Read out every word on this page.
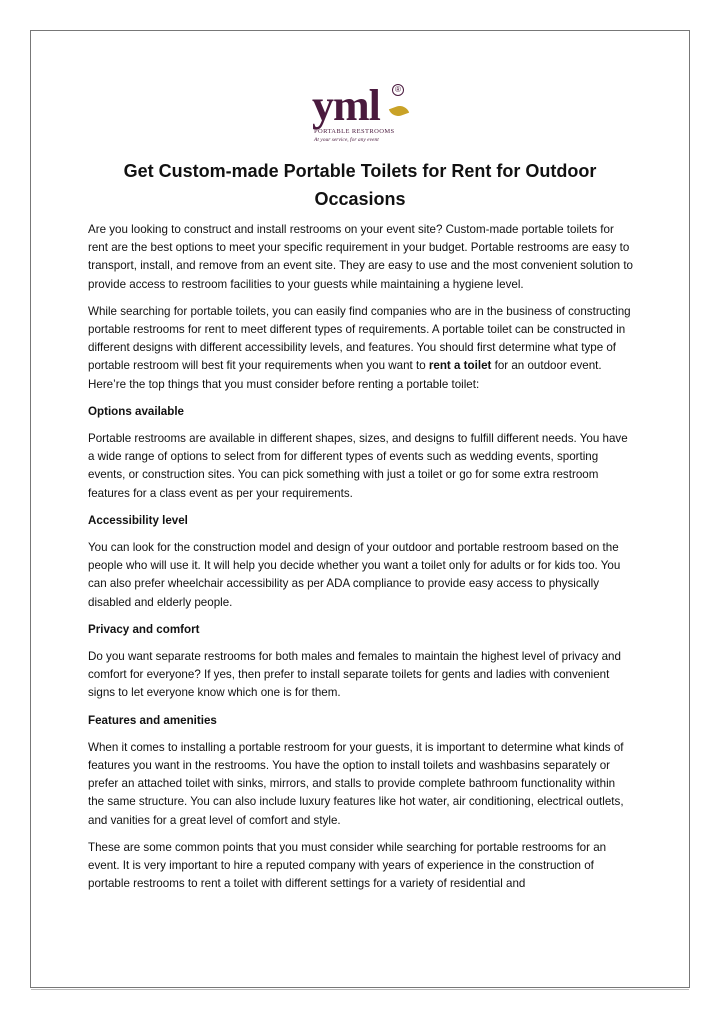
yml	®
PORTABLE RESTROOMS
At your service, for any event
Get Custom-made Portable Toilets for Rent for Outdoor Occasions

Are you looking to construct and install restrooms on your event site? Custom-made portable toilets for rent are the best options to meet your specific requirement in your budget. Portable restrooms are easy to transport, install, and remove from an event site. They are easy to use and the most convenient solution to provide access to restroom facilities to your guests while maintaining a hygiene level.

While searching for portable toilets, you can easily find companies who are in the business of constructing portable restrooms for rent to meet different types of requirements. A portable toilet can be constructed in different designs with different accessibility levels, and features. You should first determine what type of portable restroom will best fit your requirements when you want to rent a toilet for an outdoor event. Here’re the top things that you must consider before renting a portable toilet:

Options available

Portable restrooms are available in different shapes, sizes, and designs to fulfill different needs. You have a wide range of options to select from for different types of events such as wedding events, sporting events, or construction sites. You can pick something with just a toilet or go for some extra restroom features for a class event as per your requirements.

Accessibility level

You can look for the construction model and design of your outdoor and portable restroom based on the people who will use it. It will help you decide whether you want a toilet only for adults or for kids too. You can also prefer wheelchair accessibility as per ADA compliance to provide easy access to physically disabled and elderly people.

Privacy and comfort

Do you want separate restrooms for both males and females to maintain the highest level of privacy and comfort for everyone? If yes, then prefer to install separate toilets for gents and ladies with convenient signs to let everyone know which one is for them.

Features and amenities

When it comes to installing a portable restroom for your guests, it is important to determine what kinds of features you want in the restrooms. You have the option to install toilets and washbasins separately or prefer an attached toilet with sinks, mirrors, and stalls to provide complete bathroom functionality within the same structure. You can also include luxury features like hot water, air conditioning, electrical outlets, and vanities for a great level of comfort and style.

These are some common points that you must consider while searching for portable restrooms for an event. It is very important to hire a reputed company with years of experience in the construction of portable restrooms to rent a toilet with different settings for a variety of residential and
